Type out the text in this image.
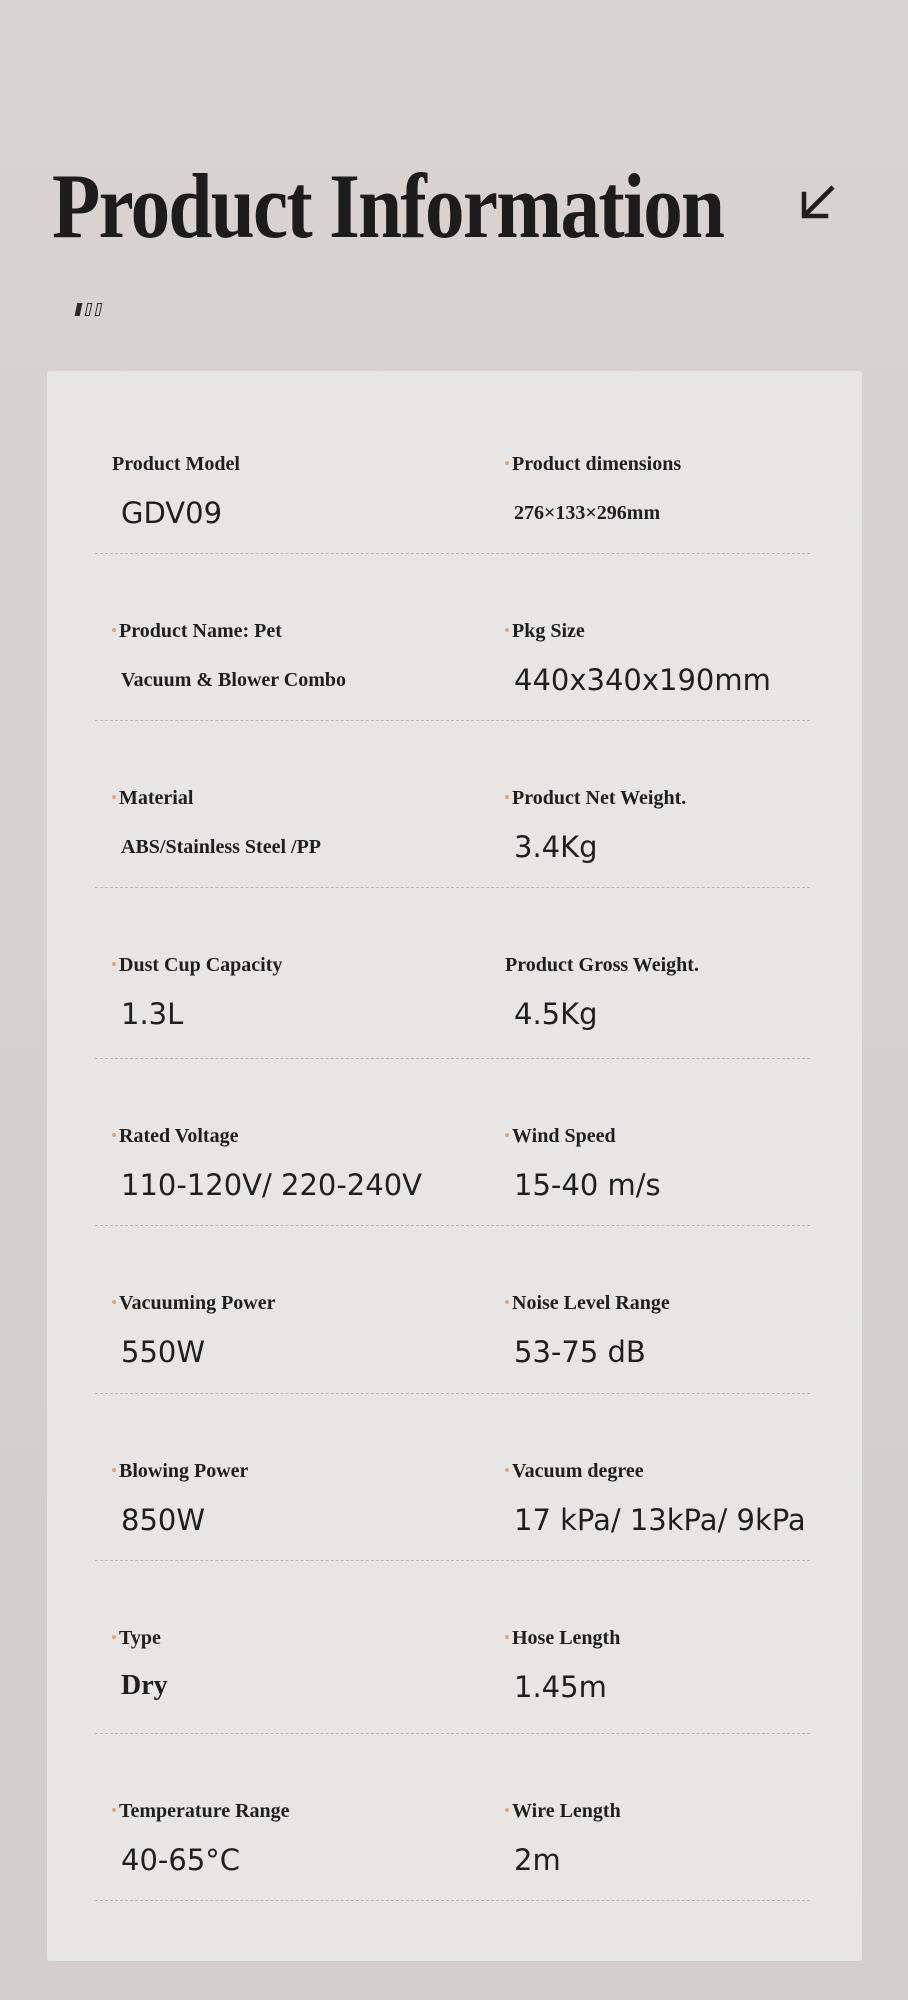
Product Information
Product Model
GDV09
Product dimensions
276×133×296mm
Product Name: Pet
Vacuum & Blower Combo
Pkg Size
440x340x190mm
Material
ABS/Stainless Steel /PP
Product Net Weight.
3.4Kg
Dust Cup Capacity
1.3L
Product Gross Weight.
4.5Kg
Rated Voltage
110-120V/ 220-240V
Wind Speed
15-40 m/s
Vacuuming Power
550W
Noise Level Range
53-75 dB
Blowing Power
850W
Vacuum degree
17 kPa/ 13kPa/ 9kPa
Type
Dry
Hose Length
1.45m
Temperature Range
40-65°C
Wire Length
2m
